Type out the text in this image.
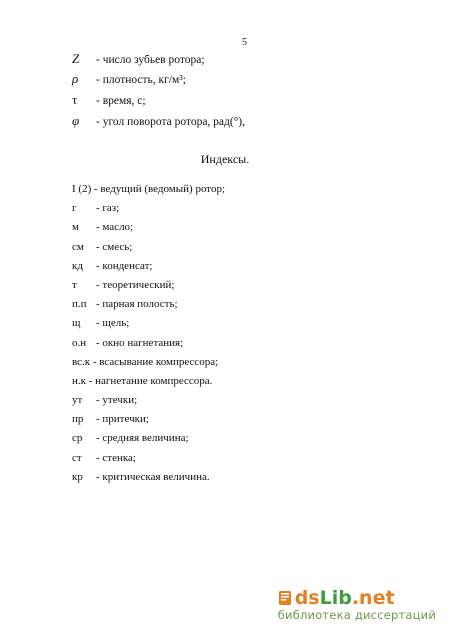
5
Z - число зубьев ротора;
ρ - плотность, кг/м³;
τ - время, с;
φ - угол поворота ротора, рад(°),
Индексы.
I (2) - ведущий (ведомый) ротор;
г - газ;
м - масло;
см - смесь;
кд - конденсат;
т - теоретический;
п.п - парная полость;
щ - щель;
о.н - окно нагнетания;
вс.к - всасывание компрессора;
н.к - нагнетание компрессора.
ут - утечки;
пр - притечки;
ср - средняя величина;
ст - стенка;
кр - критическая величина.
dsLib.net
библиотека диссертаций
